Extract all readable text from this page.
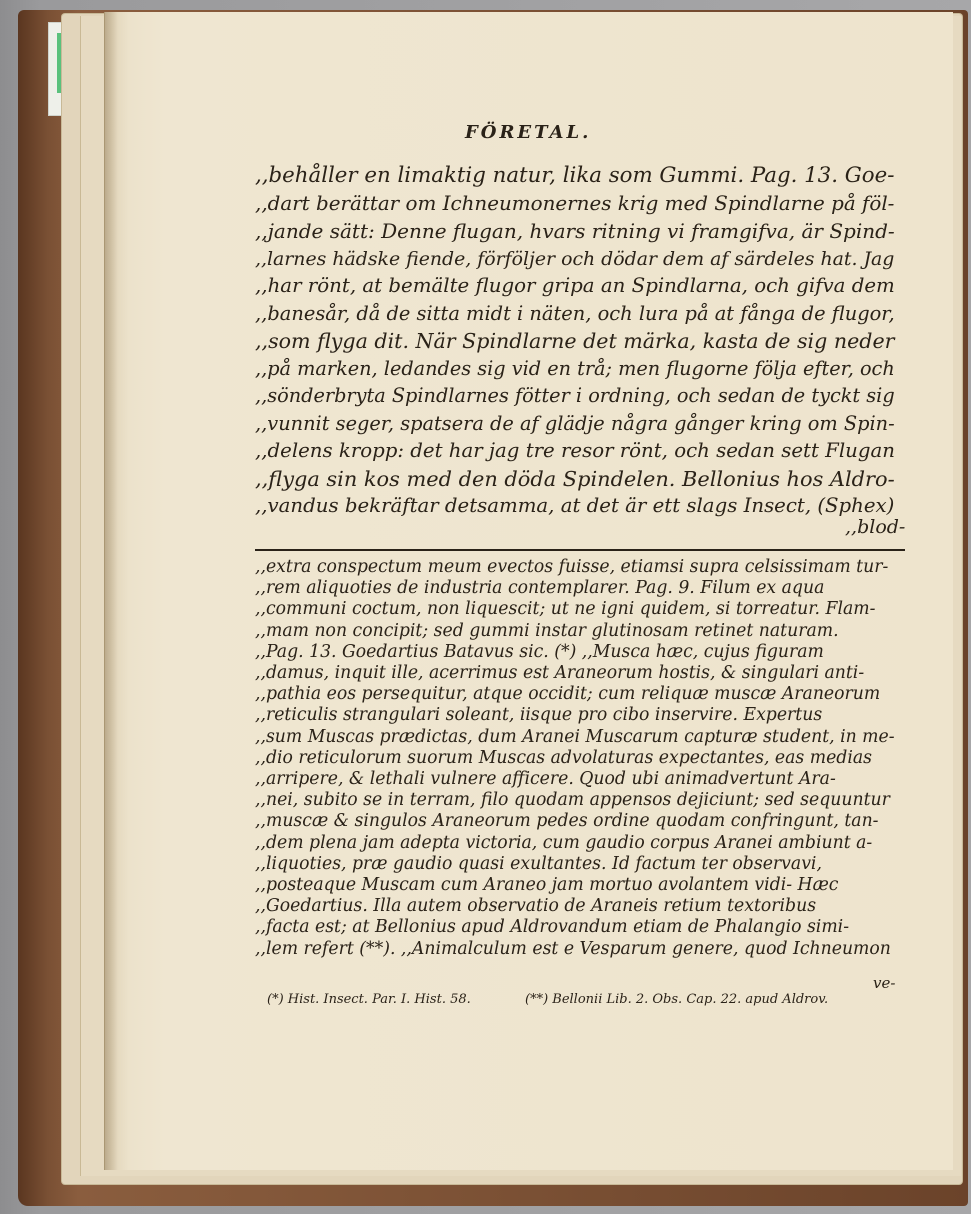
FÖRETAL.
,,behåller en limaktig natur, lika som Gummi. Pag. 13. Goe-
,,dart berättar om Ichneumonernes krig med Spindlarne på föl-
,,jande sätt: Denne flugan, hvars ritning vi framgifva, är Spind-
,,larnes hädske fiende, förföljer och dödar dem af särdeles hat. Jag
,,har rönt, at bemälte flugor gripa an Spindlarna, och gifva dem
,,banesår, då de sitta midt i näten, och lura på at fånga de flugor,
,,som flyga dit. När Spindlarne det märka, kasta de sig neder
,,på marken, ledandes sig vid en trå; men flugorne följa efter, och
,,sönderbryta Spindlarnes fötter i ordning, och sedan de tyckt sig
,,vunnit seger, spatsera de af glädje några gånger kring om Spin-
,,delens kropp: det har jag tre resor rönt, och sedan sett Flugan
,,flyga sin kos med den döda Spindelen. Bellonius hos Aldro-
,,vandus bekräftar detsamma, at det är ett slags Insect, (Sphex)
,,blod-
,,extra conspectum meum evectos fuisse, etiamsi supra celsissimam tur-
,,rem aliquoties de industria contemplarer. Pag. 9. Filum ex aqua
,,communi coctum, non liquescit; ut ne igni quidem, si torreatur. Flam-
,,mam non concipit; sed gummi instar glutinosam retinet naturam.
,,Pag. 13. Goedartius Batavus sic. (*) ,,Musca hæc, cujus figuram
,,damus, inquit ille, acerrimus est Araneorum hostis, & singulari anti-
,,pathia eos persequitur, atque occidit; cum reliquæ muscæ Araneorum
,,reticulis strangulari soleant, iisque pro cibo inservire. Expertus
,,sum Muscas prædictas, dum Aranei Muscarum capturæ student, in me-
,,dio reticulorum suorum Muscas advolaturas expectantes, eas medias
,,arripere, & lethali vulnere afficere. Quod ubi animadvertunt Ara-
,,nei, subito se in terram, filo quodam appensos dejiciunt; sed sequuntur
,,muscæ & singulos Araneorum pedes ordine quodam confringunt, tan-
,,dem plena jam adepta victoria, cum gaudio corpus Aranei ambiunt a-
,,liquoties, præ gaudio quasi exultantes. Id factum ter observavi,
,,posteaque Muscam cum Araneo jam mortuo avolantem vidi- Hæc
,,Goedartius. Illa autem observatio de Araneis retium textoribus
,,facta est; at Bellonius apud Aldrovandum etiam de Phalangio simi-
,,lem refert (**). ,,Animalculum est e Vesparum genere, quod Ichneumon
ve-
(*) Hist. Insect. Par. I. Hist. 58.	(**) Bellonii Lib. 2. Obs. Cap. 22. apud Aldrov.
